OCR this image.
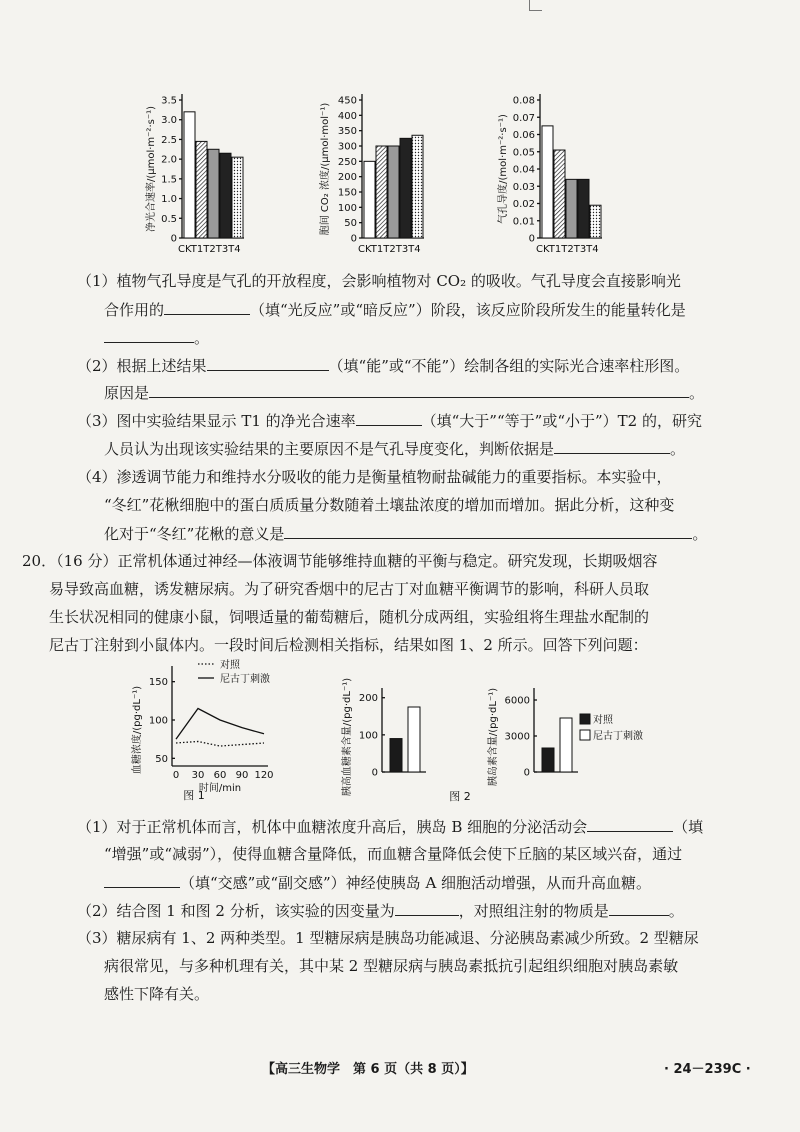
净光合速率/(μmol·m⁻²·s⁻¹)
0
0.5
1.0
1.5
2.0
2.5
3.0
3.5
CKT1T2T3T4
胞间 CO₂ 浓度/(μmol·mol⁻¹)
0
50
100
150
200
250
300
350
400
450
CKT1T2T3T4
气孔导度/(mol·m⁻²·s⁻¹)
0
0.01
0.02
0.03
0.04
0.05
0.06
0.07
0.08
CKT1T2T3T4
（1）植物气孔导度是气孔的开放程度，会影响植物对 CO₂ 的吸收。气孔导度会直接影响光
合作用的	（填“光反应”或“暗反应”）阶段，该反应阶段所发生的能量转化是
。
（2）根据上述结果	（填“能”或“不能”）绘制各组的实际光合速率柱形图。
原因是	。
（3）图中实验结果显示 T1 的净光合速率	（填“大于”“等于”或“小于”）T2 的，研究
人员认为出现该实验结果的主要原因不是气孔导度变化，判断依据是	。
（4）渗透调节能力和维持水分吸收的能力是衡量植物耐盐碱能力的重要指标。本实验中，
“冬红”花楸细胞中的蛋白质质量分数随着土壤盐浓度的增加而增加。据此分析，这种变
化对于“冬红”花楸的意义是	。
20．（16 分）正常机体通过神经—体液调节能够维持血糖的平衡与稳定。研究发现，长期吸烟容
易导致高血糖，诱发糖尿病。为了研究香烟中的尼古丁对血糖平衡调节的影响，科研人员取
生长状况相同的健康小鼠，饲喂适量的葡萄糖后，随机分成两组，实验组将生理盐水配制的
尼古丁注射到小鼠体内。一段时间后检测相关指标，结果如图 1、2 所示。回答下列问题：
血糖浓度/(pg·dL⁻¹) 50
100
150
0 30 60 90 120
时间/min
对照
尼古丁刺激
图 1	胰高血糖素含量/(pg·dL⁻¹) 0
100
200
图 2
胰岛素含量/(pg·dL⁻¹) 0
3000
6000
对照
尼古丁刺激
（1）对于正常机体而言，机体中血糖浓度升高后，胰岛 B 细胞的分泌活动会	（填
“增强”或“减弱”），使得血糖含量降低，而血糖含量降低会使下丘脑的某区域兴奋，通过
（填“交感”或“副交感”）神经使胰岛 A 细胞活动增强，从而升高血糖。
（2）结合图 1 和图 2 分析，该实验的因变量为	，对照组注射的物质是	。
（3）糖尿病有 1、2 两种类型。1 型糖尿病是胰岛功能减退、分泌胰岛素减少所致。2 型糖尿
病很常见，与多种机理有关，其中某 2 型糖尿病与胰岛素抵抗引起组织细胞对胰岛素敏
感性下降有关。
【高三生物学　第 6 页（共 8 页）】	· 24－239C ·
